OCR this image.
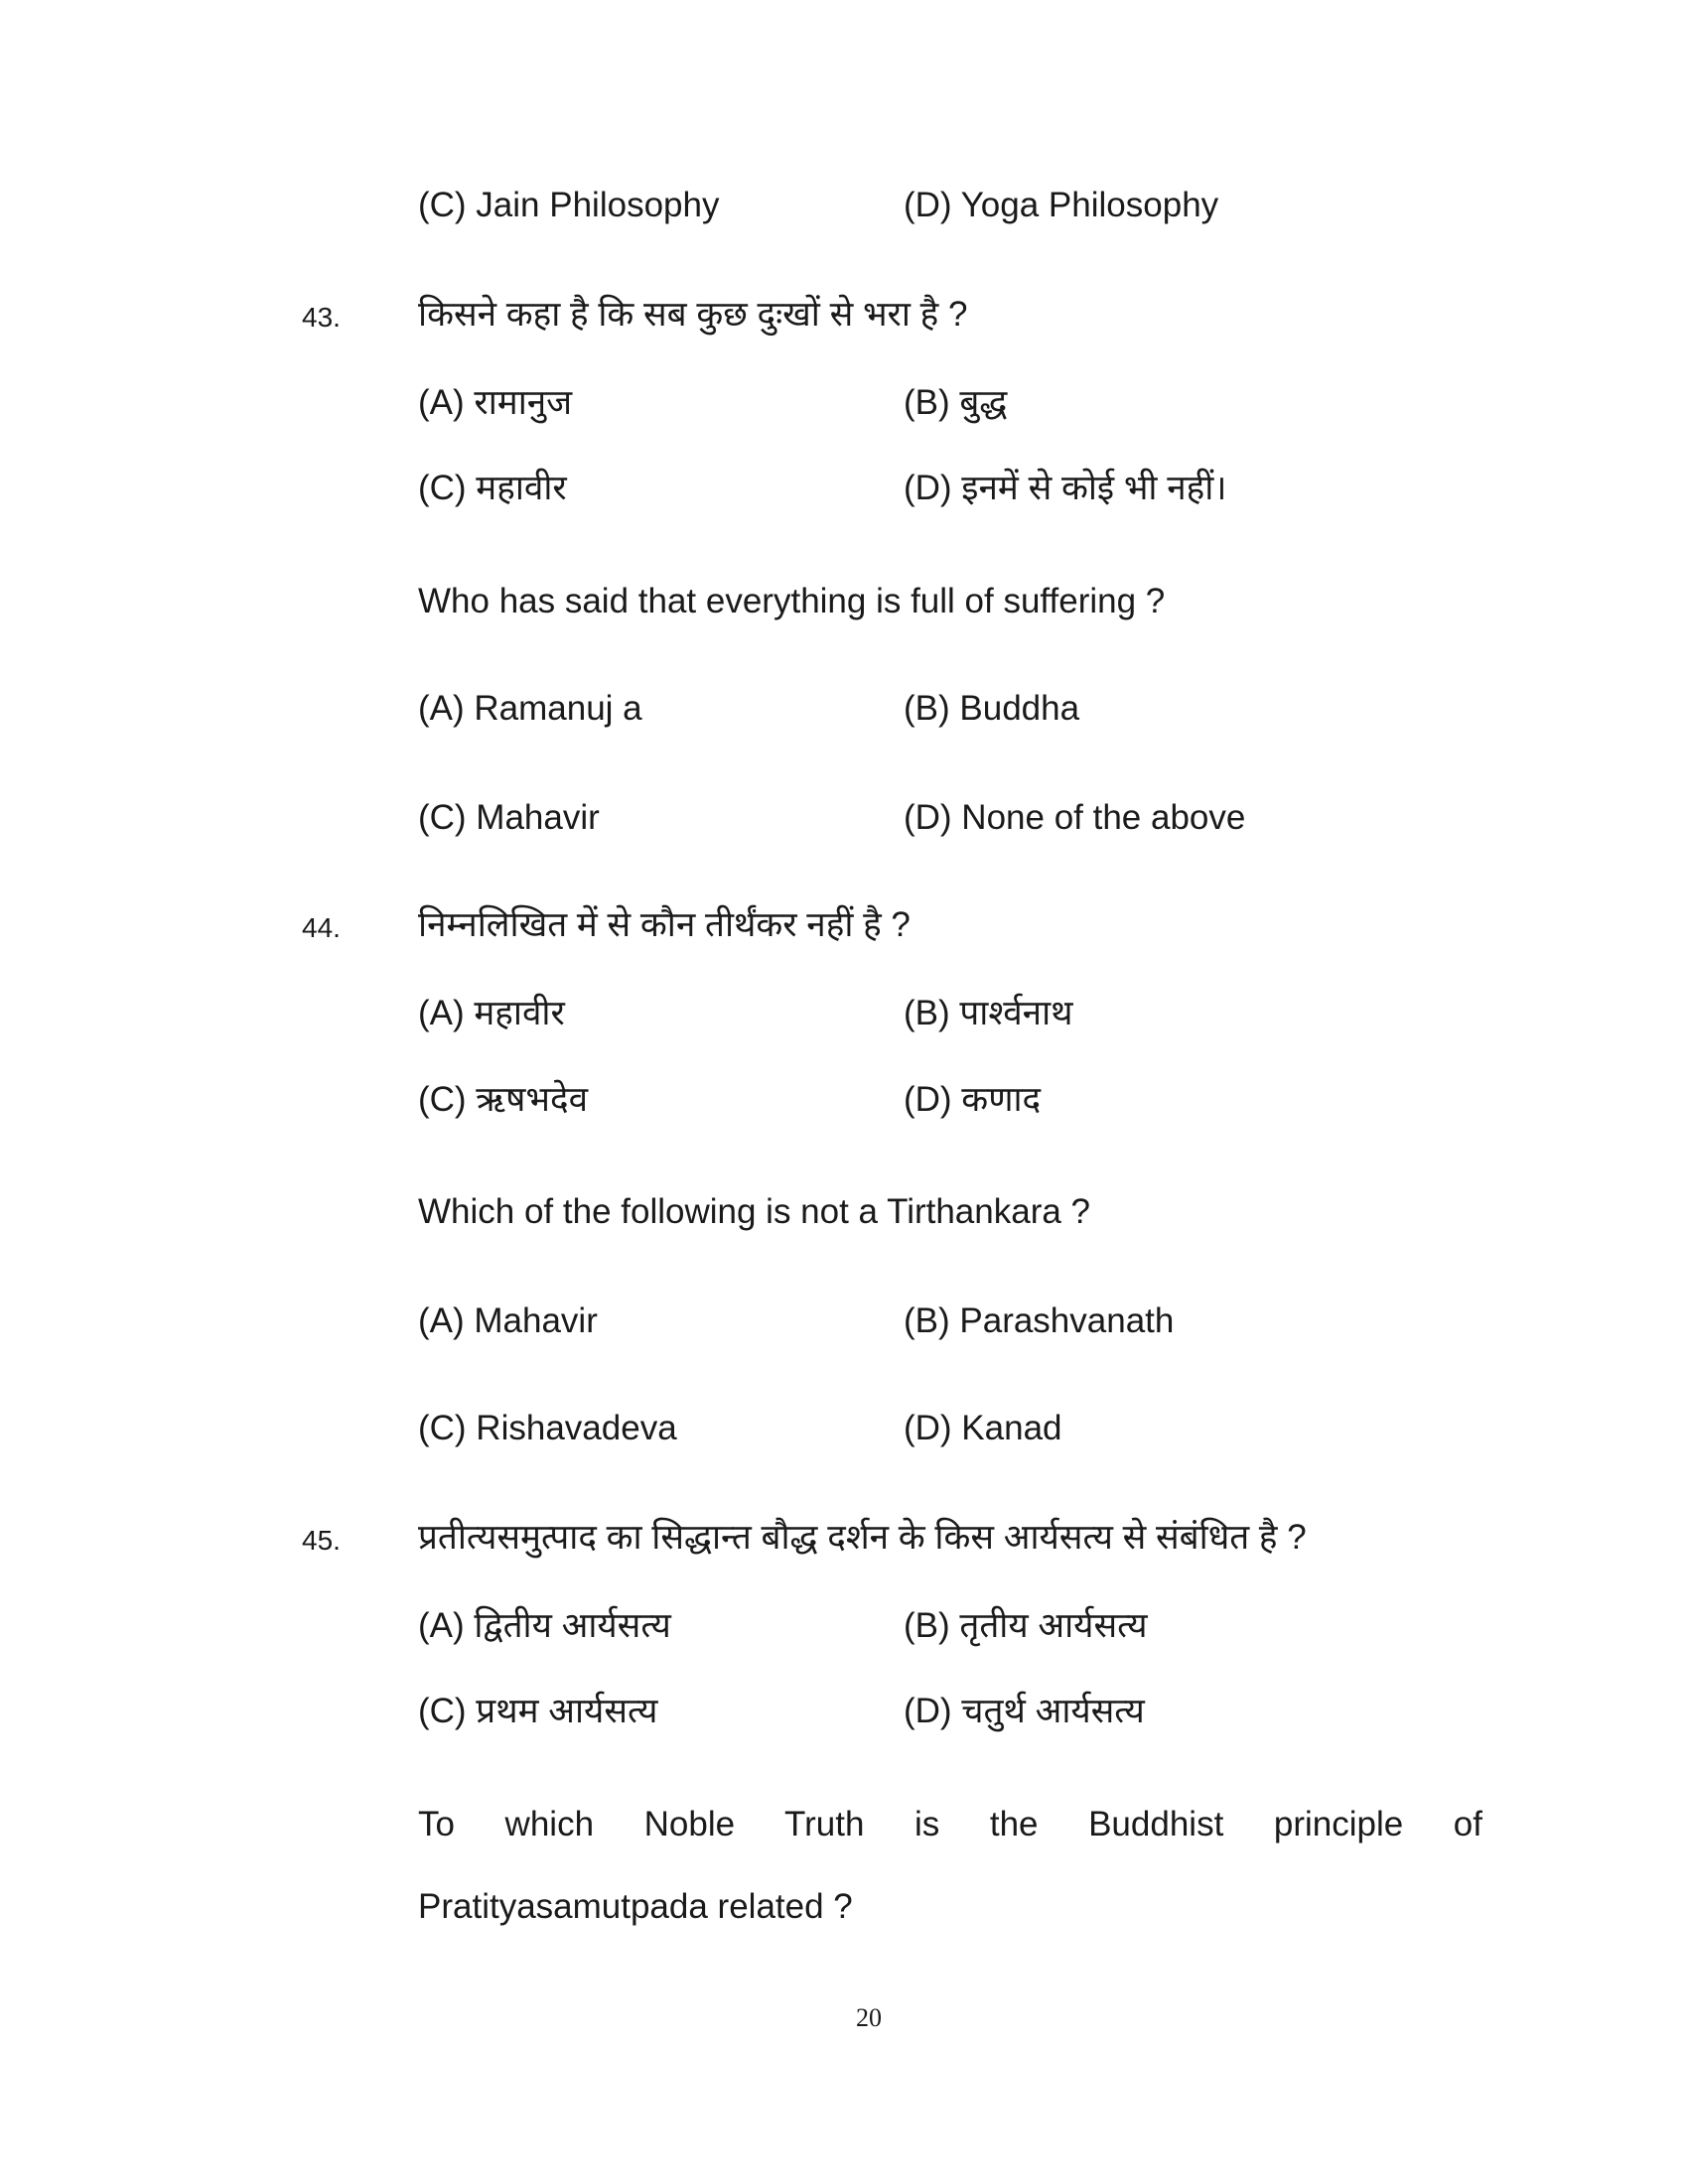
(C) Jain Philosophy	(D) Yoga Philosophy
43. किसने कहा है कि सब कुछ दुःखों से भरा है ?
(A) रामानुज	(B) बुद्ध
(C) महावीर	(D) इनमें से कोई भी नहीं।
Who has said that everything is full of suffering ?
(A) Ramanuj a	(B) Buddha
(C) Mahavir	(D) None of the above
44. निम्नलिखित में से कौन तीर्थंकर नहीं है ?
(A) महावीर	(B) पार्श्वनाथ
(C) ऋषभदेव	(D) कणाद
Which of the following is not a Tirthankara ?
(A) Mahavir	(B) Parashvanath
(C) Rishavadeva	(D) Kanad
45. प्रतीत्यसमुत्पाद का सिद्धान्त बौद्ध दर्शन के किस आर्यसत्य से संबंधित है ?
(A) द्वितीय आर्यसत्य	(B) तृतीय आर्यसत्य
(C) प्रथम आर्यसत्य	(D) चतुर्थ आर्यसत्य
To which Noble Truth is the Buddhist principle of
Pratityasamutpada related ?
20
